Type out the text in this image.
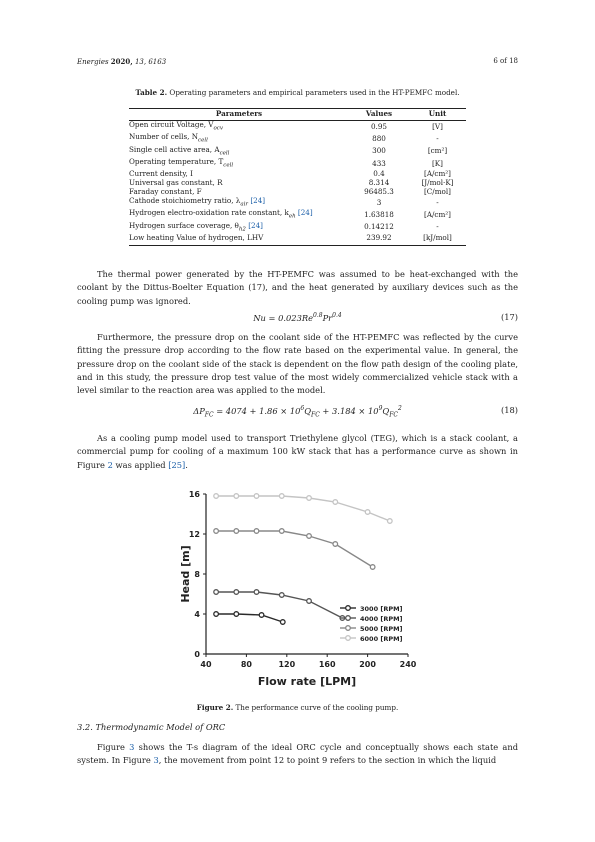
Energies 2020, 13, 6163	6 of 18
Table 2. Operating parameters and empirical parameters used in the HT-PEMFC model.
Parameters	Values	Unit
Open circuit Voltage, $V_{ocv}$	0.95	[V]
Number of cells, $N_{cell}$	880	-
Single cell active area, $A_{cell}$	300	[cm²]
Operating temperature, $T_{cell}$	433	[K]
Current density, I	0.4	[A/cm²]
Universal gas constant, R	8.314	[J/mol·K]
Faraday constant, F	96485.3	[C/mol]
Cathode stoichiometry ratio, $\lambda_{air}$ [24]	3	-
Hydrogen electro-oxidation rate constant, $k_{eh}$ [24]	1.63818	[A/cm²]
Hydrogen surface coverage, $\theta_{h2}$ [24]	0.14212	-
Low heating Value of hydrogen, LHV	239.92	[kJ/mol]
The thermal power generated by the HT-PEMFC was assumed to be heat-exchanged with the coolant by the Dittus-Boelter Equation (17), and the heat generated by auxiliary devices such as the cooling pump was ignored.
$Nu = 0.023Re^{0.8}Pr^{0.4}$	(17)
Furthermore, the pressure drop on the coolant side of the HT-PEMFC was reflected by the curve fitting the pressure drop according to the flow rate based on the experimental value. In general, the pressure drop on the coolant side of the stack is dependent on the flow path design of the cooling plate, and in this study, the pressure drop test value of the most widely commercialized vehicle stack with a level similar to the reaction area was applied to the model.
$\Delta P_{FC} = 4074 + 1.86 \times 10^6Q_{FC} + 3.184 \times 10^9Q_{FC}^2$	(18)
As a cooling pump model used to transport Triethylene glycol (TEG), which is a stack coolant, a commercial pump for cooling of a maximum 100 kW stack that has a performance curve as shown in Figure 2 was applied [25].
0
4
8
12
16
40	80	120	160	200	240
Flow rate [LPM]
Head [m]
3000 [RPM]
4000 [RPM]
5000 [RPM]
6000 [RPM]
Figure 2. The performance curve of the cooling pump.
3.2. Thermodynamic Model of ORC
Figure 3 shows the T-s diagram of the ideal ORC cycle and conceptually shows each state and system. In Figure 3, the movement from point 12 to point 9 refers to the section in which the liquid
